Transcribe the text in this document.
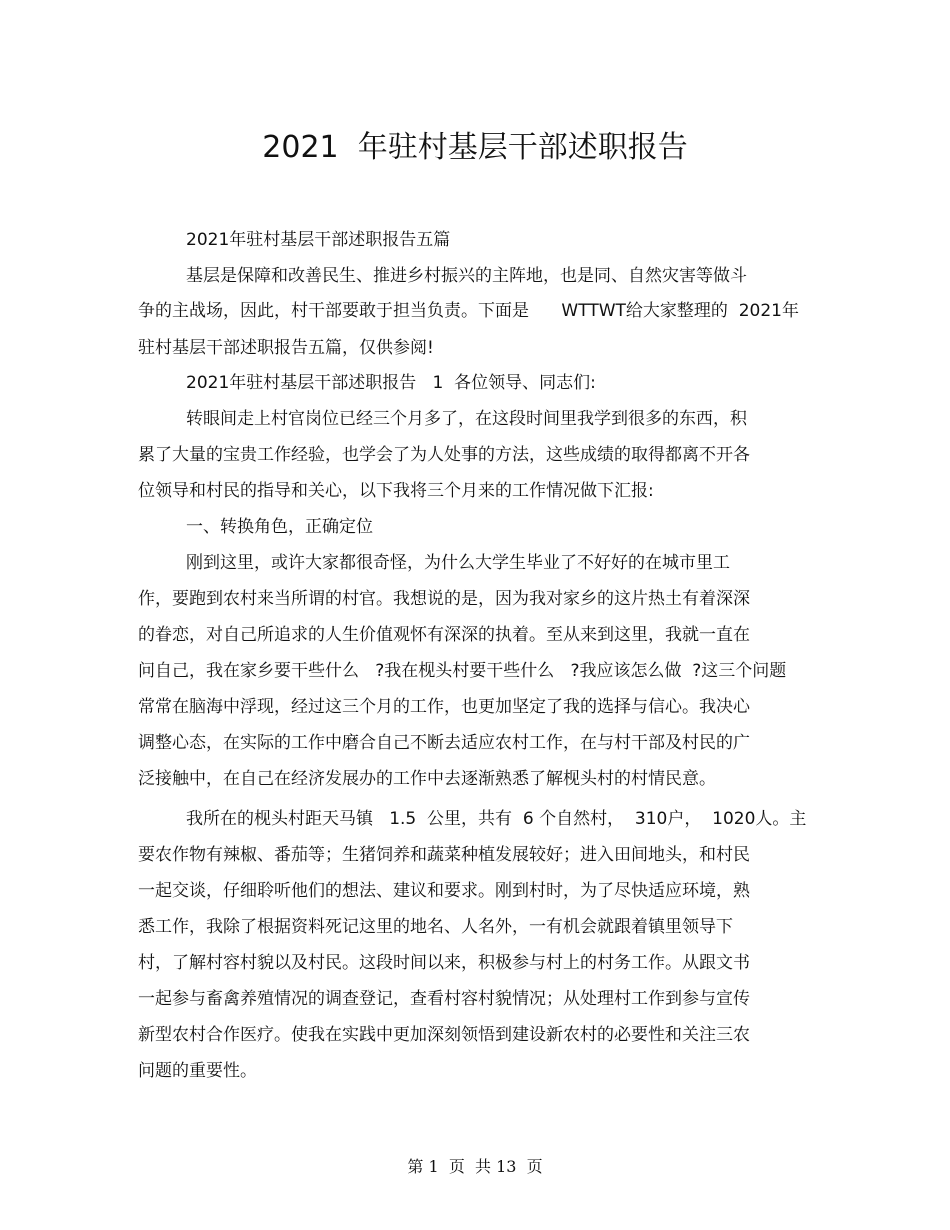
2021  年驻村基层干部述职报告
2021年驻村基层干部述职报告五篇
基层是保障和改善民生、推进乡村振兴的主阵地，也是同、自然灾害等做斗
争的主战场，因此，村干部要敢于担当负责。下面是      WTTWT给大家整理的  2021年
驻村基层干部述职报告五篇，仅供参阅!
2021年驻村基层干部述职报告   1  各位领导、同志们:
转眼间走上村官岗位已经三个月多了，在这段时间里我学到很多的东西，积
累了大量的宝贵工作经验，也学会了为人处事的方法，这些成绩的取得都离不开各
位领导和村民的指导和关心，以下我将三个月来的工作情况做下汇报:
一、转换角色，正确定位
刚到这里，或许大家都很奇怪，为什么大学生毕业了不好好的在城市里工
作，要跑到农村来当所谓的村官。我想说的是，因为我对家乡的这片热土有着深深
的眷恋，对自己所追求的人生价值观怀有深深的执着。至从来到这里，我就一直在
问自己，我在家乡要干些什么   ?我在枧头村要干些什么   ?我应该怎么做  ?这三个问题
常常在脑海中浮现，经过这三个月的工作，也更加坚定了我的选择与信心。我决心
调整心态，在实际的工作中磨合自己不断去适应农村工作，在与村干部及村民的广
泛接触中，在自己在经济发展办的工作中去逐渐熟悉了解枧头村的村情民意。
我所在的枧头村距天马镇   1.5  公里，共有  6 个自然村，  310户，  1020人。主
要农作物有辣椒、番茄等；生猪饲养和蔬菜种植发展较好；进入田间地头，和村民
一起交谈，仔细聆听他们的想法、建议和要求。刚到村时，为了尽快适应环境，熟
悉工作，我除了根据资料死记这里的地名、人名外，一有机会就跟着镇里领导下
村，了解村容村貌以及村民。这段时间以来，积极参与村上的村务工作。从跟文书
一起参与畜禽养殖情况的调查登记，查看村容村貌情况；从处理村工作到参与宣传
新型农村合作医疗。使我在实践中更加深刻领悟到建设新农村的必要性和关注三农
问题的重要性。
第 1  页  共 13  页
